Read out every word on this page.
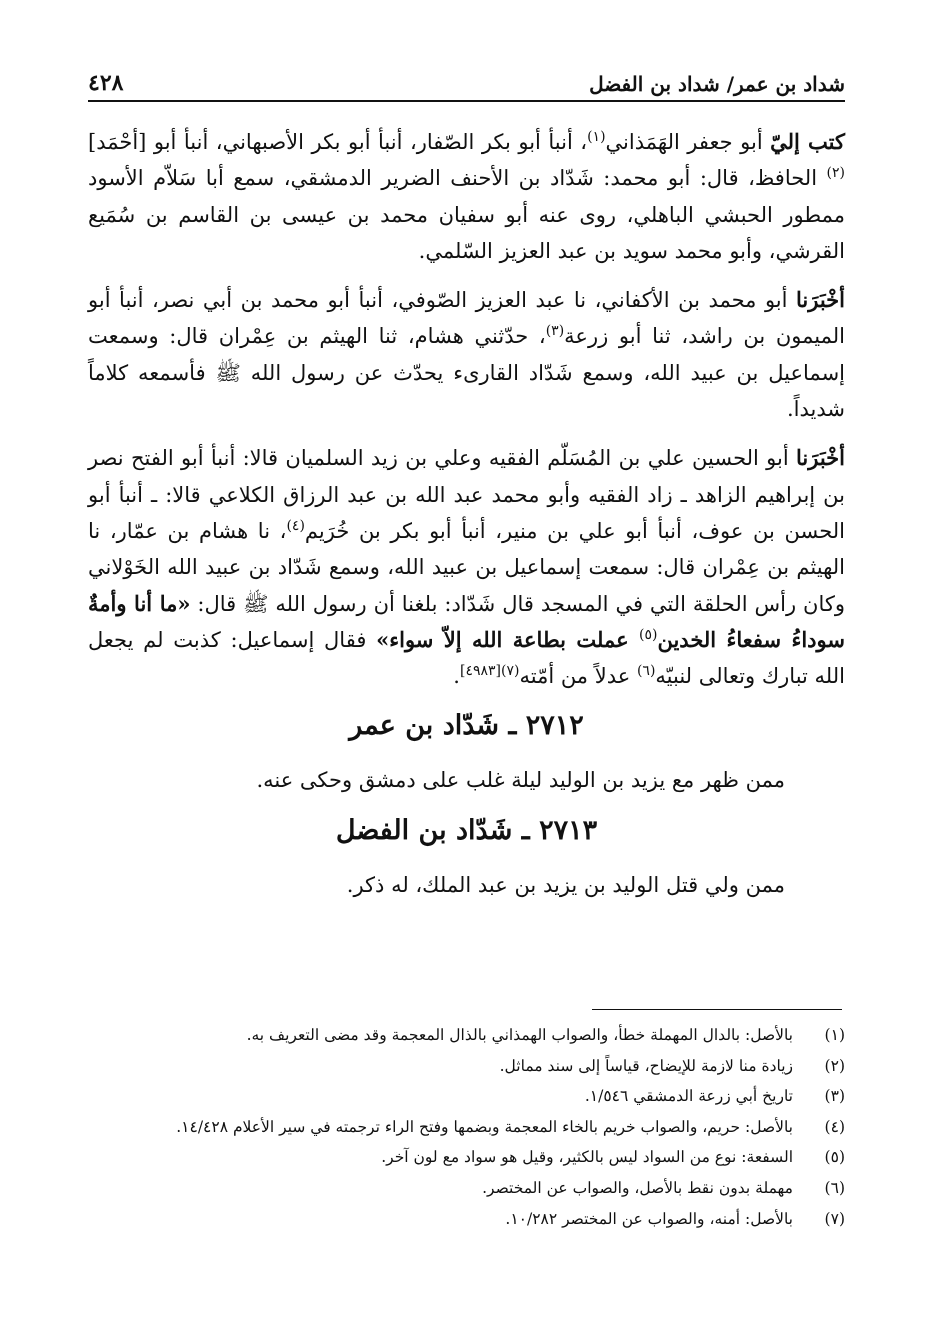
شداد بن عمر/ شداد بن الفضل
٤٢٨

كتب إليّ أبو جعفر الهَمَذاني$^{(١)}$، أنبأ أبو بكر الصّفار، أنبأ أبو بكر الأصبهاني، أنبأ أبو [أحْمَد]$^{(٢)}$ الحافظ، قال: أبو محمد: شَدّاد بن الأحنف الضرير الدمشقي، سمع أبا سَلاّم الأسود ممطور الحبشي الباهلي، روى عنه أبو سفيان محمد بن عيسى بن القاسم بن سُمَيع القرشي، وأبو محمد سويد بن عبد العزيز السّلمي.

أخْبَرَنا أبو محمد بن الأكفاني، نا عبد العزيز الصّوفي، أنبأ أبو محمد بن أبي نصر، أنبأ أبو الميمون بن راشد، ثنا أبو زرعة$^{(٣)}$، حدّثني هشام، ثنا الهيثم بن عِمْران قال: وسمعت إسماعيل بن عبيد الله، وسمع شَدّاد القارىء يحدّث عن رسول الله ﷺ فأسمعه كلاماً شديداً.

أخْبَرَنا أبو الحسين علي بن المُسَلّم الفقيه وعلي بن زيد السلميان قالا: أنبأ أبو الفتح نصر بن إبراهيم الزاهد ـ زاد الفقيه وأبو محمد عبد الله بن عبد الرزاق الكلاعي قالا: ـ أنبأ أبو الحسن بن عوف، أنبأ أبو علي بن منير، أنبأ أبو بكر بن خُرَيم$^{(٤)}$، نا هشام بن عمّار، نا الهيثم بن عِمْران قال: سمعت إسماعيل بن عبيد الله، وسمع شَدّاد بن عبيد الله الخَوْلاني وكان رأس الحلقة التي في المسجد قال شَدّاد: بلغنا أن رسول الله ﷺ قال: «ما أنا وأمةٌ سوداءُ سفعاءُ الخدين$^{(٥)}$ عملت بطاعة الله إلاّ سواء» فقال إسماعيل: كذبت لم يجعل الله تبارك وتعالى لنبيّه$^{(٦)}$ عدلاً من أمّته$^{(٧)[٤٩٨٣]}$.

٢٧١٢ ـ شَدّاد بن عمر

ممن ظهر مع يزيد بن الوليد ليلة غلب على دمشق وحكى عنه.

٢٧١٣ ـ شَدّاد بن الفضل

ممن ولي قتل الوليد بن يزيد بن عبد الملك، له ذكر.

(١)
بالأصل: بالدال المهملة خطأ، والصواب الهمذاني بالذال المعجمة وقد مضى التعريف به.
(٢)
زيادة منا لازمة للإيضاح، قياساً إلى سند مماثل.
(٣)
تاريخ أبي زرعة الدمشقي ١/٥٤٦.
(٤)
بالأصل: حريم، والصواب خريم بالخاء المعجمة وبضمها وفتح الراء ترجمته في سير الأعلام ١٤/٤٢٨.
(٥)
السفعة: نوع من السواد ليس بالكثير، وقيل هو سواد مع لون آخر.
(٦)
مهملة بدون نقط بالأصل، والصواب عن المختصر.
(٧)
بالأصل: أمنه، والصواب عن المختصر ١٠/٢٨٢.
